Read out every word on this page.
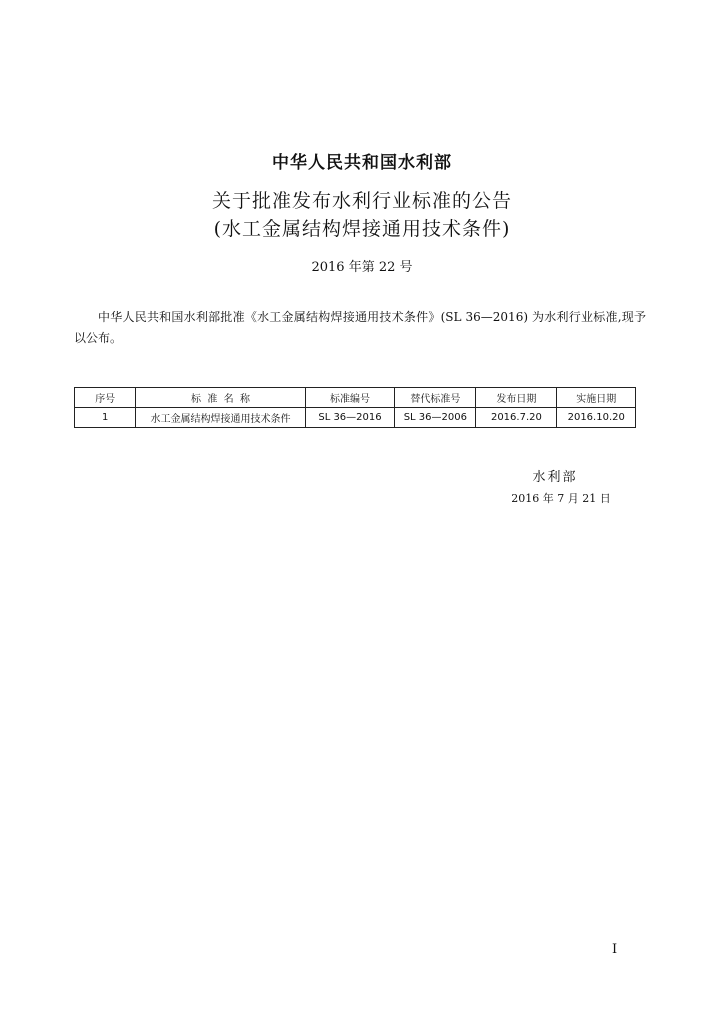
中华人民共和国水利部
关于批准发布水利行业标准的公告
(水工金属结构焊接通用技术条件)
2016 年第 22 号
中华人民共和国水利部批准《水工金属结构焊接通用技术条件》(SL 36—2016) 为水利行业标准,现予以公布。
序号	标  准  名  称	标准编号	替代标准号	发布日期	实施日期
1	水工金属结构焊接通用技术条件	SL 36—2016	SL 36—2006	2016.7.20	2016.10.20
水利部
2016 年 7 月 21 日
I
